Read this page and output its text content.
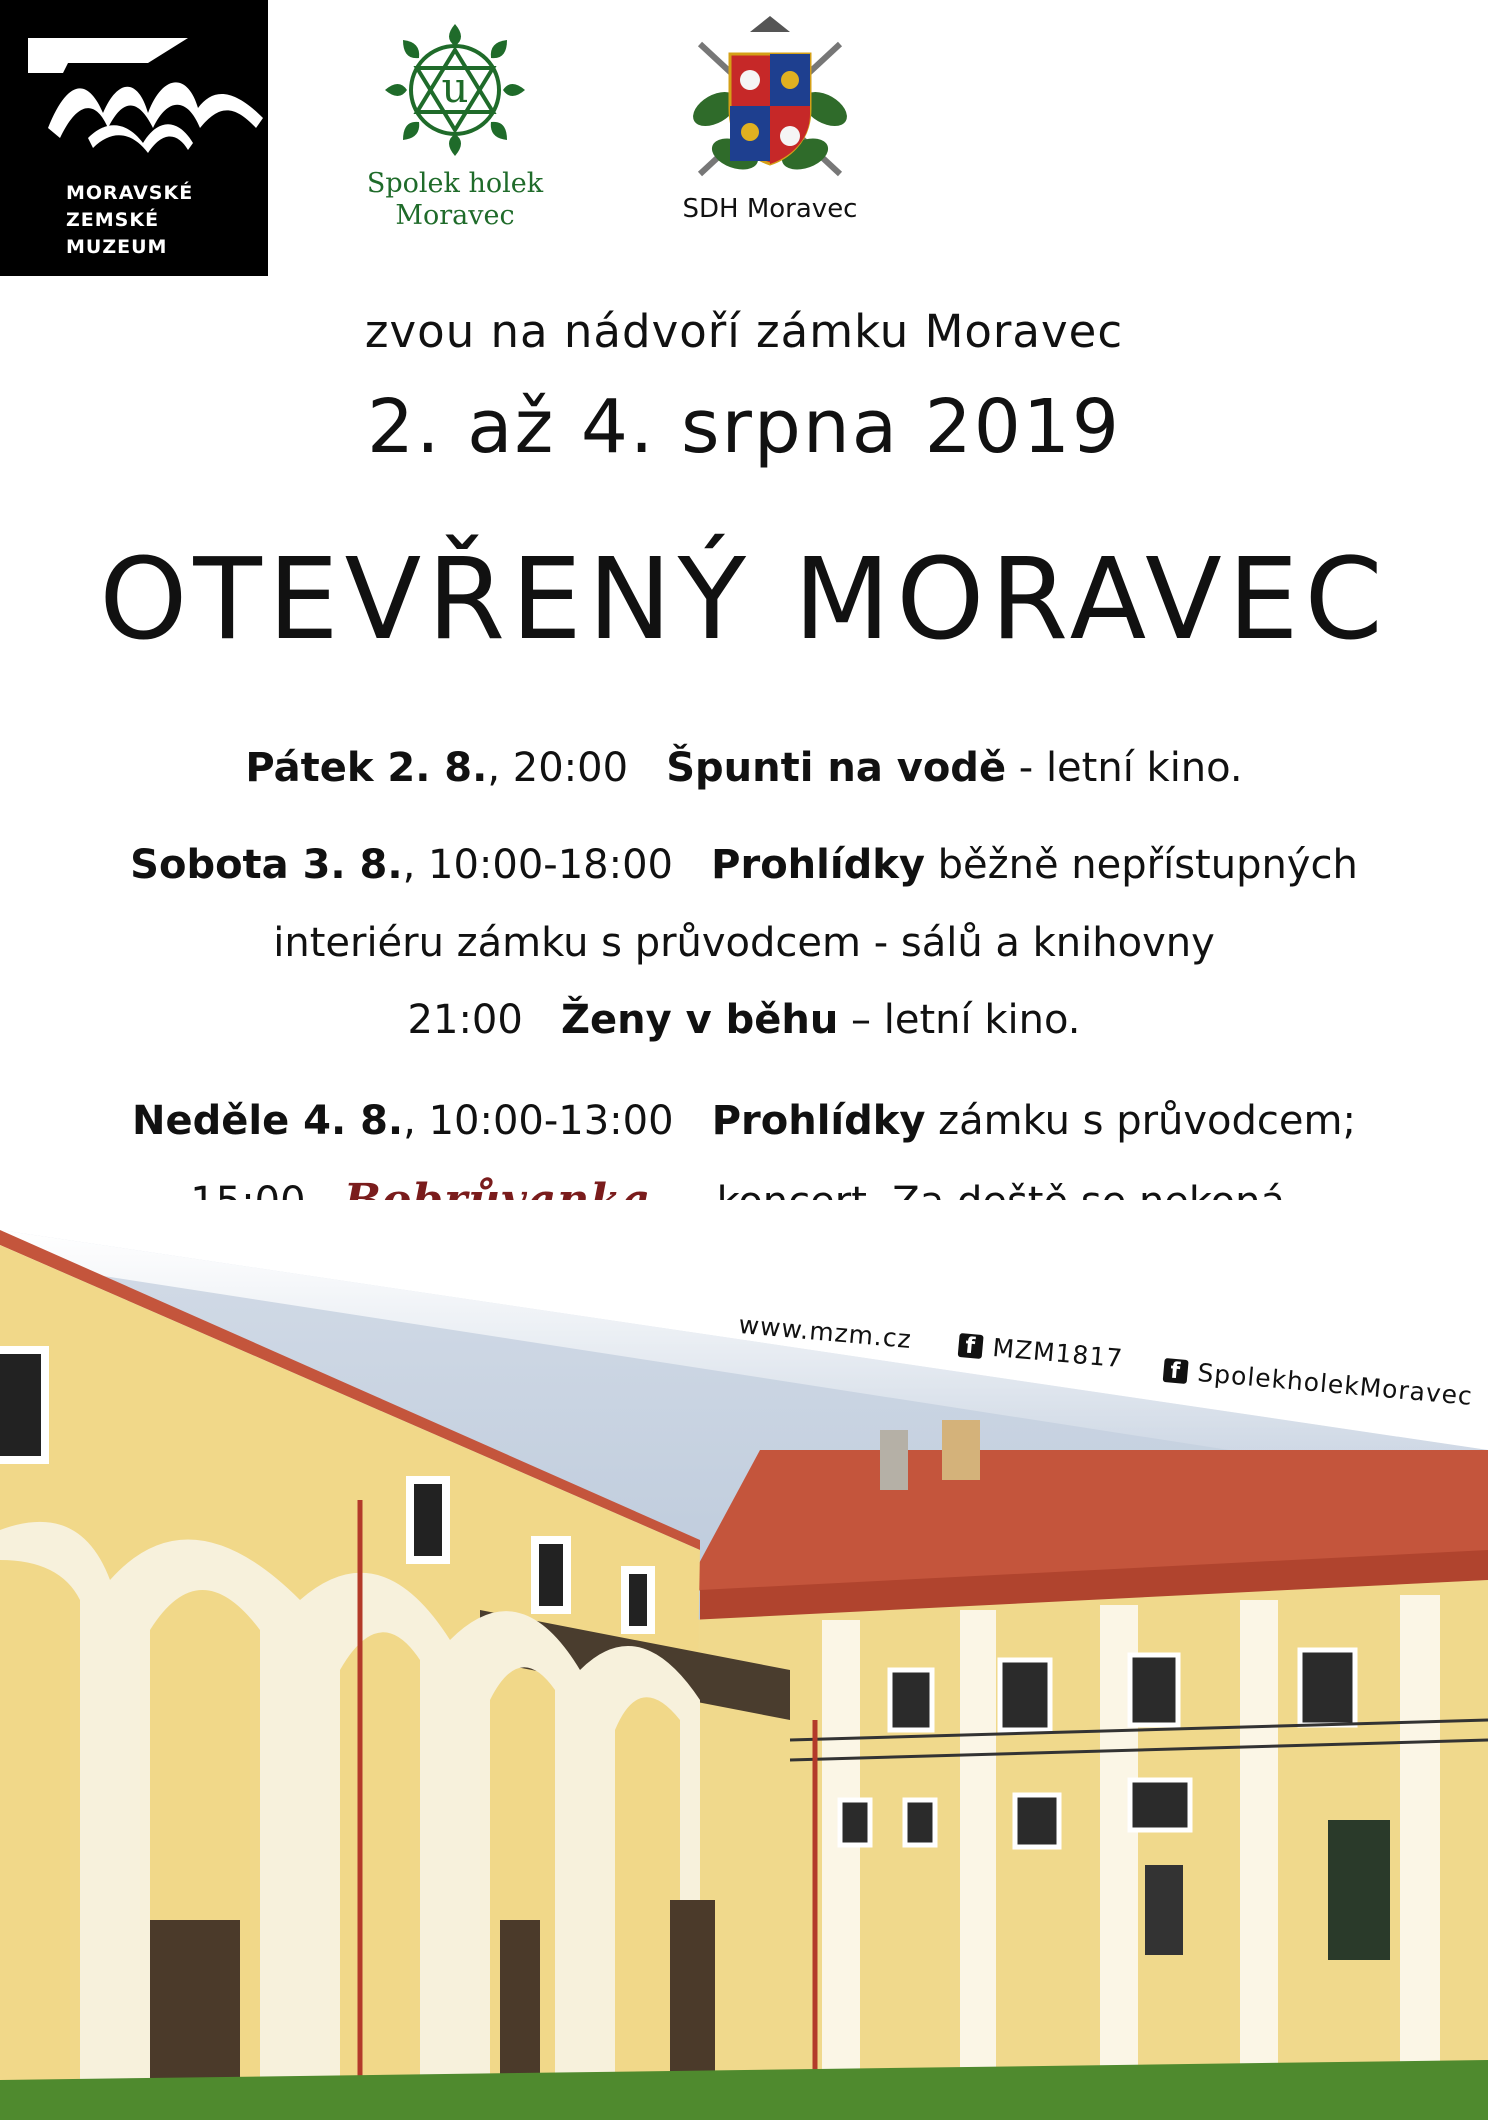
MORAVSKÉ
ZEMSKÉ
MUZEUM
u
Spolek holek
Moravec	SDH Moravec
zvou na nádvoří zámku Moravec
2. až 4. srpna 2019
OTEVŘENÝ MORAVEC
Pátek 2. 8., 20:00 Špunti na vodě - letní kino.
Sobota 3. 8., 10:00-18:00 Prohlídky běžně nepřístupných
interiéru zámku s průvodcem - sálů a knihovny
21:00 Ženy v běhu – letní kino.
Neděle 4. 8., 10:00-13:00 Prohlídky zámku s průvodcem;

www.mzm.cz f MZM1817 f SpolekholekMoravec
